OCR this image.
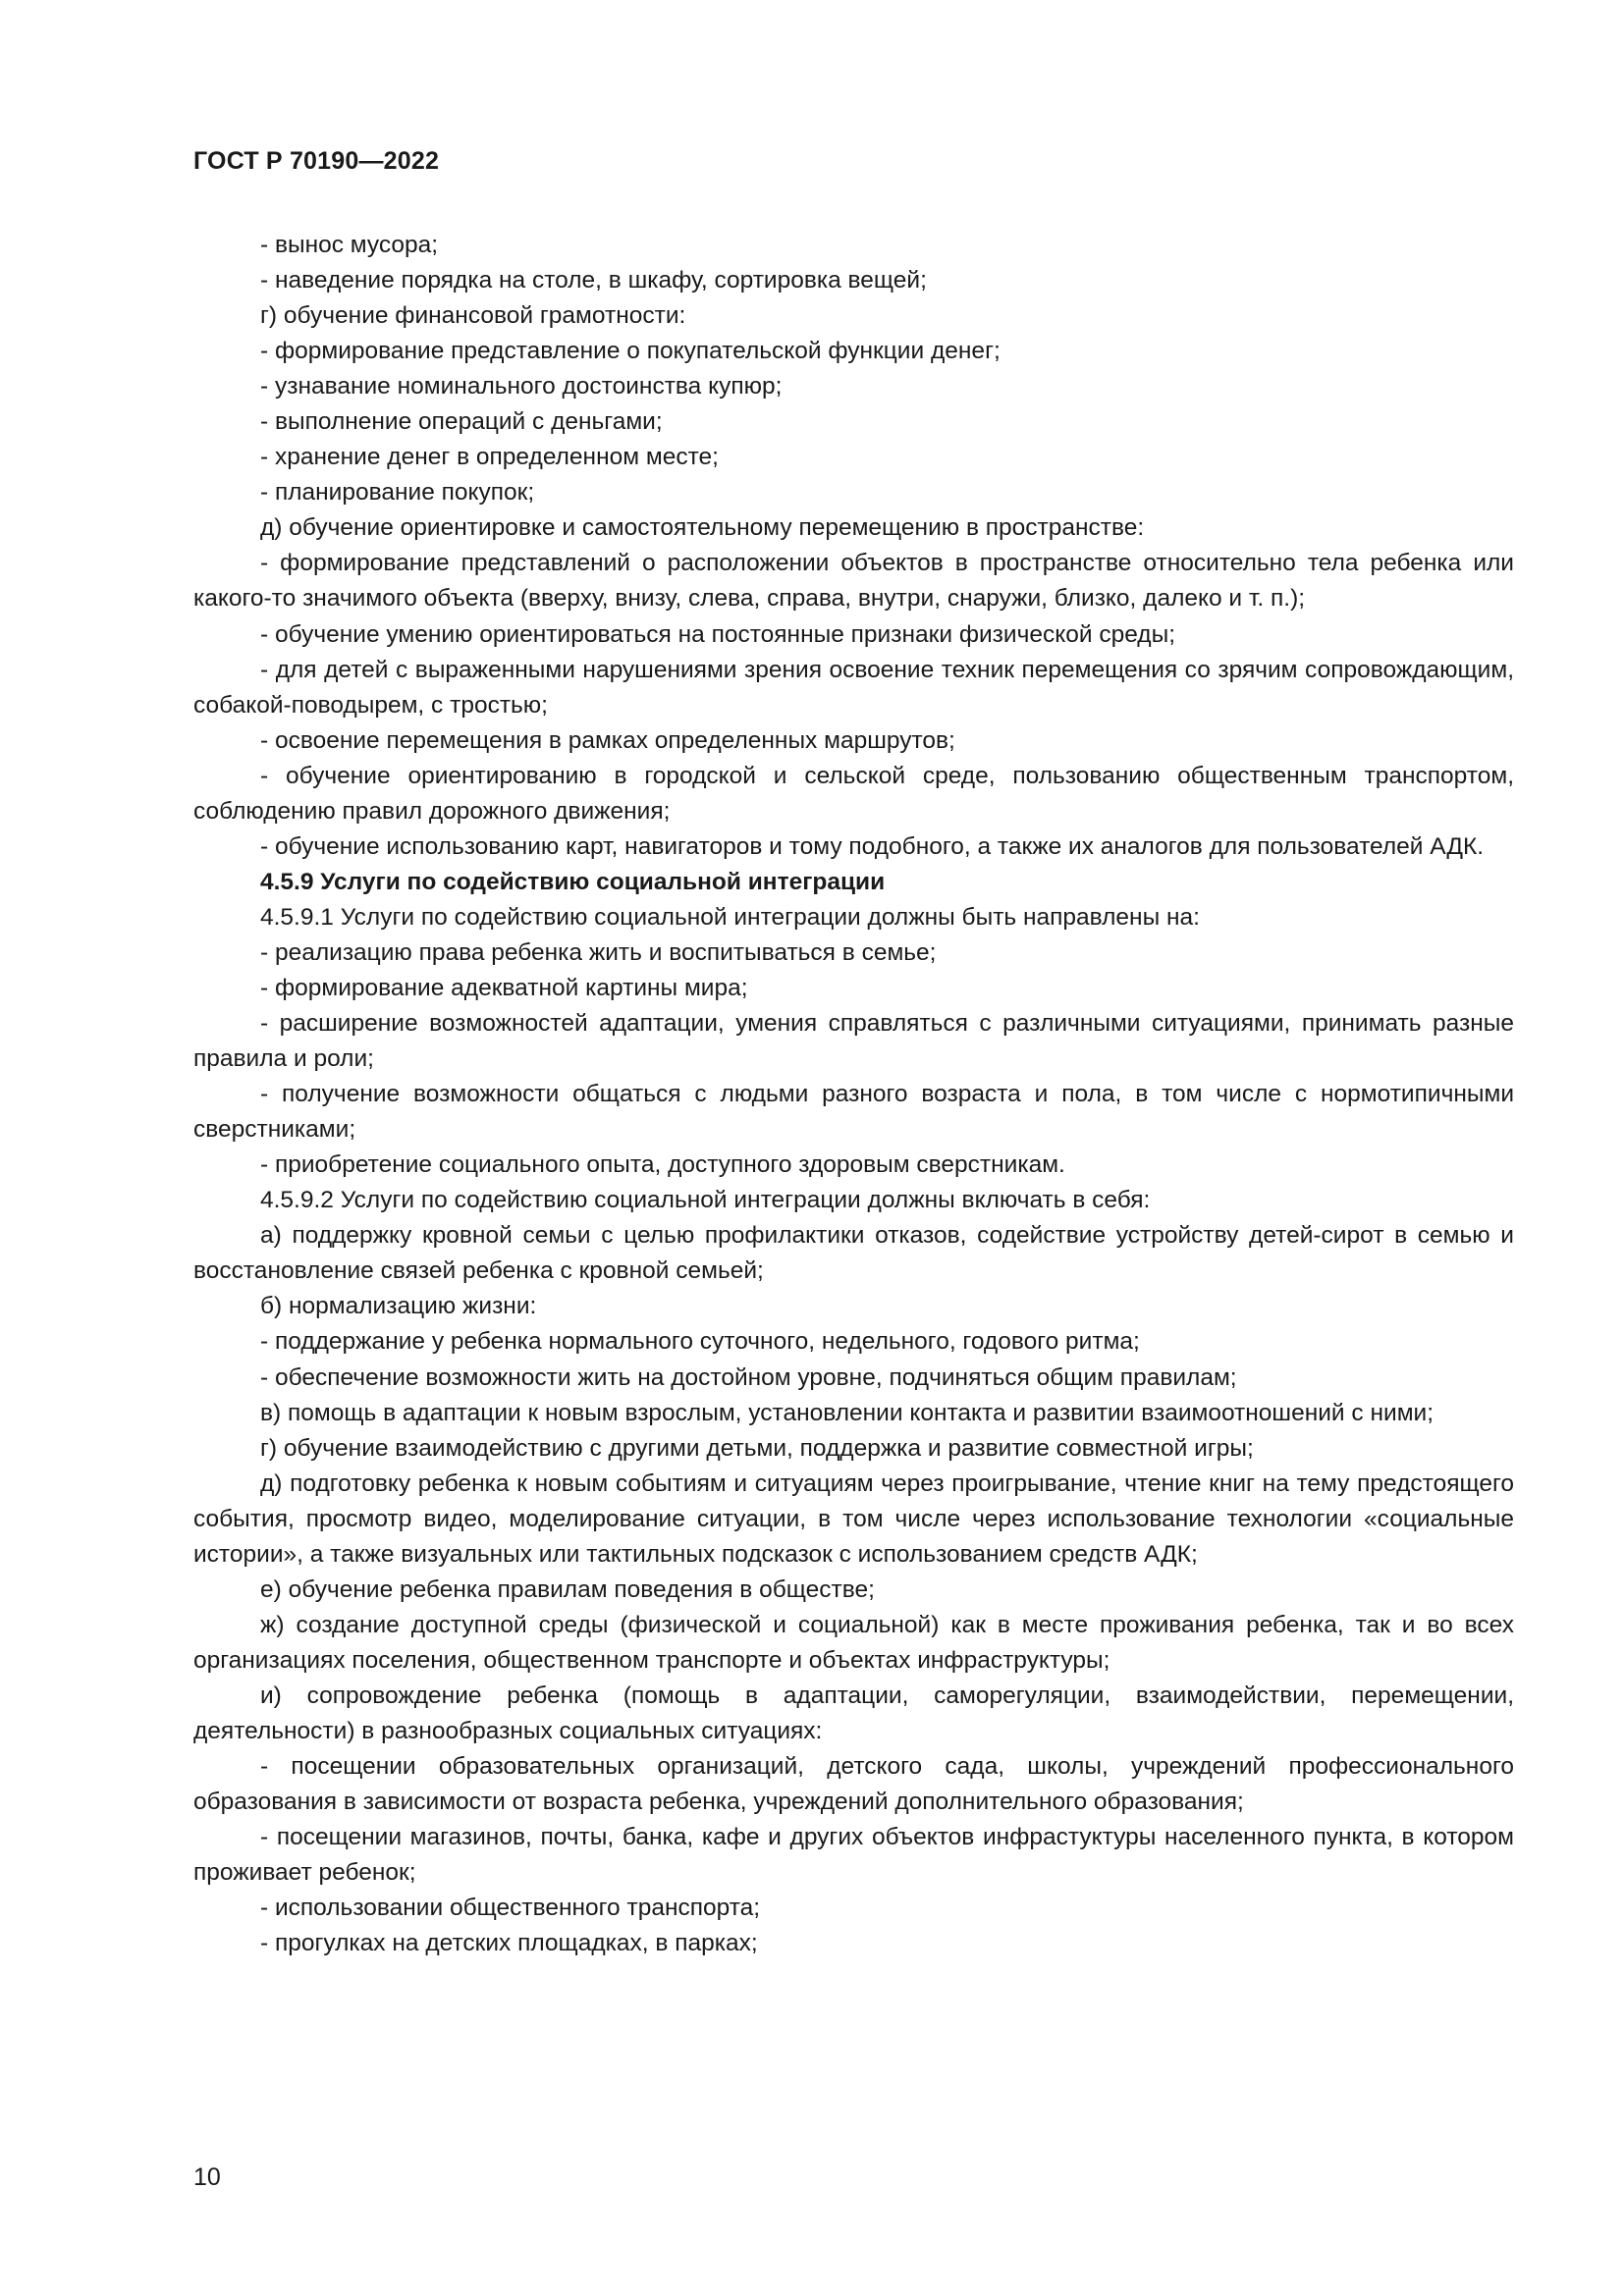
ГОСТ Р 70190—2022

- вынос мусора;

- наведение порядка на столе, в шкафу, сортировка вещей;

г) обучение финансовой грамотности:

- формирование представление о покупательской функции денег;

- узнавание номинального достоинства купюр;

- выполнение операций с деньгами;

- хранение денег в определенном месте;

- планирование покупок;

д) обучение ориентировке и самостоятельному перемещению в пространстве:

- формирование представлений о расположении объектов в пространстве относительно тела ребенка или какого-то значимого объекта (вверху, внизу, слева, справа, внутри, снаружи, близко, далеко и т. п.);

- обучение умению ориентироваться на постоянные признаки физической среды;

- для детей с выраженными нарушениями зрения освоение техник перемещения со зрячим сопровождающим, собакой-поводырем, с тростью;

- освоение перемещения в рамках определенных маршрутов;

- обучение ориентированию в городской и сельской среде, пользованию общественным транспортом, соблюдению правил дорожного движения;

- обучение использованию карт, навигаторов и тому подобного, а также их аналогов для пользователей АДК.

4.5.9 Услуги по содействию социальной интеграции

4.5.9.1 Услуги по содействию социальной интеграции должны быть направлены на:

- реализацию права ребенка жить и воспитываться в семье;

- формирование адекватной картины мира;

- расширение возможностей адаптации, умения справляться с различными ситуациями, принимать разные правила и роли;

- получение возможности общаться с людьми разного возраста и пола, в том числе с нормотипичными сверстниками;

- приобретение социального опыта, доступного здоровым сверстникам.

4.5.9.2 Услуги по содействию социальной интеграции должны включать в себя:

а) поддержку кровной семьи с целью профилактики отказов, содействие устройству детей-сирот в семью и восстановление связей ребенка с кровной семьей;

б) нормализацию жизни:

- поддержание у ребенка нормального суточного, недельного, годового ритма;

- обеспечение возможности жить на достойном уровне, подчиняться общим правилам;

в) помощь в адаптации к новым взрослым, установлении контакта и развитии взаимоотношений с ними;

г) обучение взаимодействию с другими детьми, поддержка и развитие совместной игры;

д) подготовку ребенка к новым событиям и ситуациям через проигрывание, чтение книг на тему предстоящего события, просмотр видео, моделирование ситуации, в том числе через использование технологии «социальные истории», а также визуальных или тактильных подсказок с использованием средств АДК;

е) обучение ребенка правилам поведения в обществе;

ж) создание доступной среды (физической и социальной) как в месте проживания ребенка, так и во всех организациях поселения, общественном транспорте и объектах инфраструктуры;

и) сопровождение ребенка (помощь в адаптации, саморегуляции, взаимодействии, перемещении, деятельности) в разнообразных социальных ситуациях:

- посещении образовательных организаций, детского сада, школы, учреждений профессионального образования в зависимости от возраста ребенка, учреждений дополнительного образования;

- посещении магазинов, почты, банка, кафе и других объектов инфрастуктуры населенного пункта, в котором проживает ребенок;

- использовании общественного транспорта;

- прогулках на детских площадках, в парках;

10
